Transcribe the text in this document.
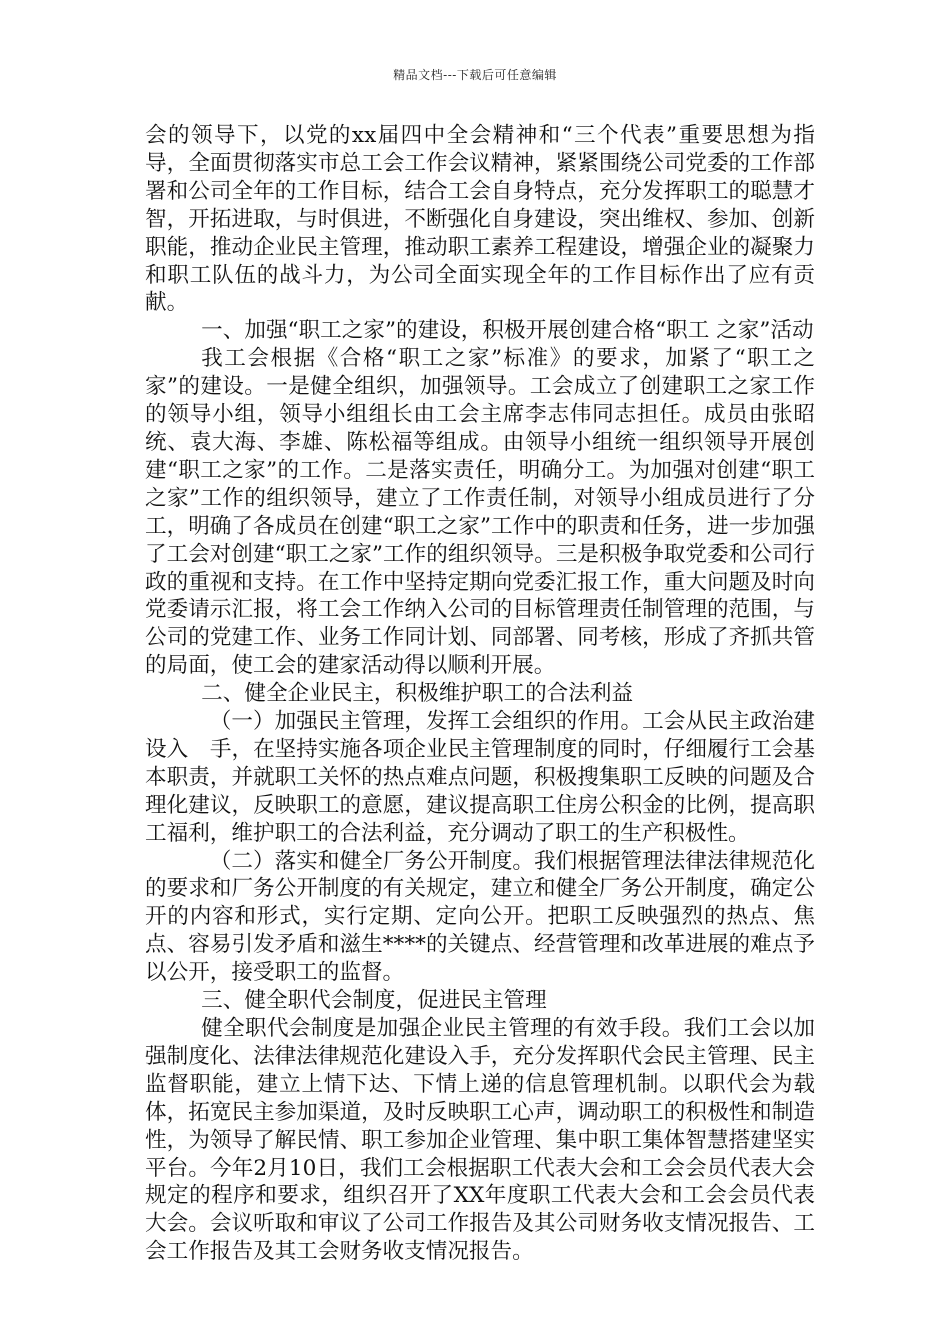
精品文档---下载后可任意编辑

会的领导下，以党的xx届四中全会精神和“三个代表”重要思想为指导，全面贯彻落实市总工会工作会议精神，紧紧围绕公司党委的工作部署和公司全年的工作目标，结合工会自身特点，充分发挥职工的聪慧才智，开拓进取，与时俱进，不断强化自身建设，突出维权、参加、创新职能，推动企业民主管理，推动职工素养工程建设，增强企业的凝聚力和职工队伍的战斗力，为公司全面实现全年的工作目标作出了应有贡献。

一、加强“职工之家”的建设，积极开展创建合格“职工 之家”活动

我工会根据《合格“职工之家”标准》的要求，加紧了“职工之家”的建设。一是健全组织，加强领导。工会成立了创建职工之家工作的领导小组，领导小组组长由工会主席李志伟同志担任。成员由张昭统、袁大海、李雄、陈松福等组成。由领导小组统一组织领导开展创建“职工之家”的工作。二是落实责任，明确分工。为加强对创建“职工之家”工作的组织领导，建立了工作责任制，对领导小组成员进行了分工，明确了各成员在创建“职工之家”工作中的职责和任务，进一步加强了工会对创建“职工之家”工作的组织领导。三是积极争取党委和公司行政的重视和支持。在工作中坚持定期向党委汇报工作，重大问题及时向党委请示汇报，将工会工作纳入公司的目标管理责任制管理的范围，与公司的党建工作、业务工作同计划、同部署、同考核，形成了齐抓共管的局面，使工会的建家活动得以顺利开展。

二、健全企业民主，积极维护职工的合法利益

（一）加强民主管理，发挥工会组织的作用。工会从民主政治建设入　手，在坚持实施各项企业民主管理制度的同时，仔细履行工会基本职责，并就职工关怀的热点难点问题，积极搜集职工反映的问题及合理化建议，反映职工的意愿，建议提高职工住房公积金的比例，提高职工福利，维护职工的合法利益，充分调动了职工的生产积极性。

（二）落实和健全厂务公开制度。我们根据管理法律法律规范化的要求和厂务公开制度的有关规定，建立和健全厂务公开制度，确定公开的内容和形式，实行定期、定向公开。把职工反映强烈的热点、焦点、容易引发矛盾和滋生****的关键点、经营管理和改革进展的难点予以公开，接受职工的监督。

三、健全职代会制度，促进民主管理

健全职代会制度是加强企业民主管理的有效手段。我们工会以加强制度化、法律法律规范化建设入手，充分发挥职代会民主管理、民主监督职能，建立上情下达、下情上递的信息管理机制。以职代会为载体，拓宽民主参加渠道，及时反映职工心声，调动职工的积极性和制造性，为领导了解民情、职工参加企业管理、集中职工集体智慧搭建坚实平台。今年2月10日，我们工会根据职工代表大会和工会会员代表大会规定的程序和要求，组织召开了XX年度职工代表大会和工会会员代表大会。会议听取和审议了公司工作报告及其公司财务收支情况报告、工会工作报告及其工会财务收支情况报告。
